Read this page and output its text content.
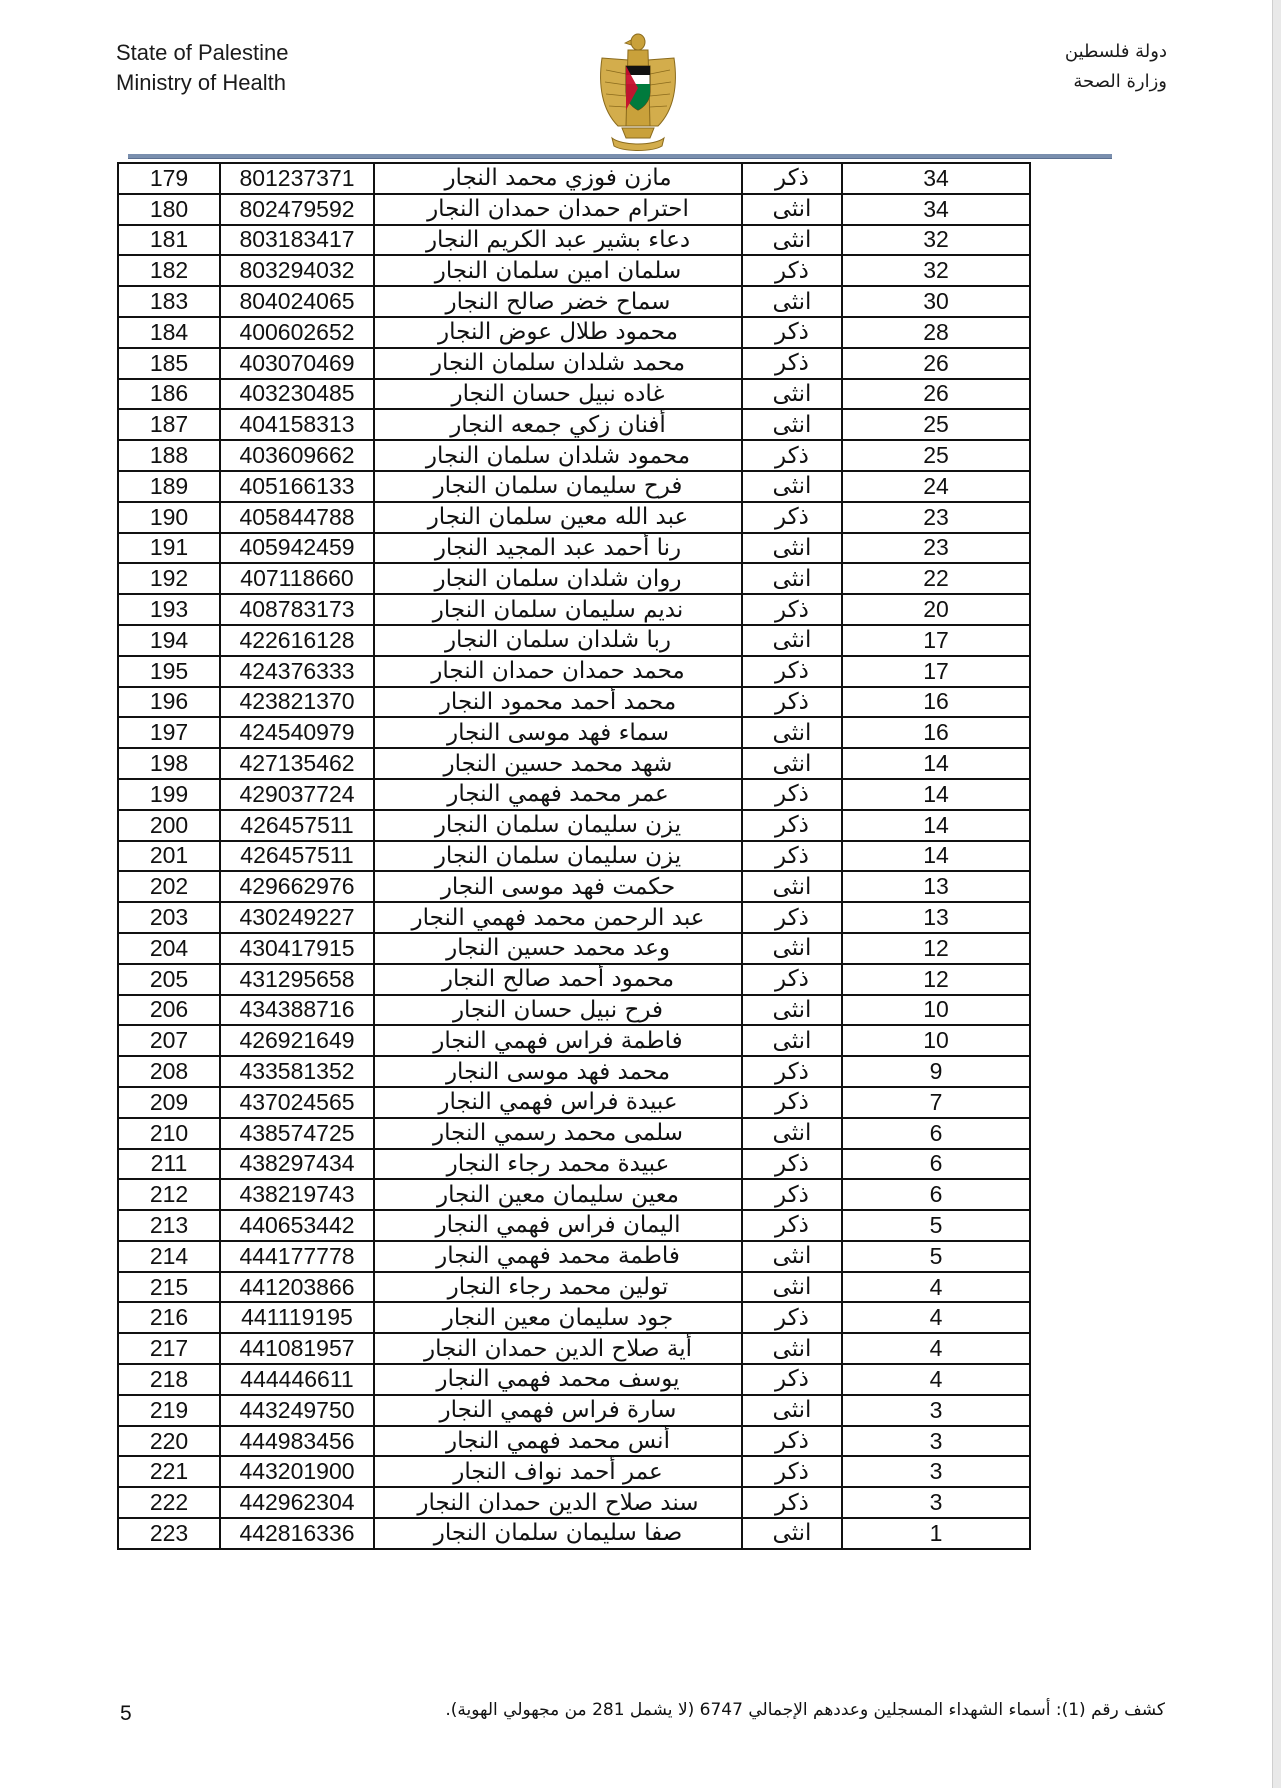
State of Palestine
Ministry of Health
دولة فلسطين
وزارة الصحة
179	801237371	مازن فوزي محمد النجار	ذكر	34
180	802479592	احترام حمدان حمدان النجار	انثى	34
181	803183417	دعاء بشير عبد الكريم النجار	انثى	32
182	803294032	سلمان امين سلمان النجار	ذكر	32
183	804024065	سماح خضر صالح النجار	انثى	30
184	400602652	محمود طلال عوض النجار	ذكر	28
185	403070469	محمد شلدان سلمان النجار	ذكر	26
186	403230485	غاده نبيل حسان النجار	انثى	26
187	404158313	أفنان زكي جمعه النجار	انثى	25
188	403609662	محمود شلدان سلمان النجار	ذكر	25
189	405166133	فرح سليمان سلمان النجار	انثى	24
190	405844788	عبد الله معين سلمان النجار	ذكر	23
191	405942459	رنا أحمد عبد المجيد النجار	انثى	23
192	407118660	روان شلدان سلمان النجار	انثى	22
193	408783173	نديم سليمان سلمان النجار	ذكر	20
194	422616128	ربا شلدان سلمان النجار	انثى	17
195	424376333	محمد حمدان حمدان النجار	ذكر	17
196	423821370	محمد أحمد محمود النجار	ذكر	16
197	424540979	سماء فهد موسى النجار	انثى	16
198	427135462	شهد محمد حسين النجار	انثى	14
199	429037724	عمر محمد فهمي النجار	ذكر	14
200	426457511	يزن سليمان سلمان النجار	ذكر	14
201	426457511	يزن سليمان سلمان النجار	ذكر	14
202	429662976	حكمت فهد موسى النجار	انثى	13
203	430249227	عبد الرحمن محمد فهمي النجار	ذكر	13
204	430417915	وعد محمد حسين النجار	انثى	12
205	431295658	محمود أحمد صالح النجار	ذكر	12
206	434388716	فرح نبيل حسان النجار	انثى	10
207	426921649	فاطمة فراس فهمي النجار	انثى	10
208	433581352	محمد فهد موسى النجار	ذكر	9
209	437024565	عبيدة فراس فهمي النجار	ذكر	7
210	438574725	سلمى محمد رسمي النجار	انثى	6
211	438297434	عبيدة محمد رجاء النجار	ذكر	6
212	438219743	معين سليمان معين النجار	ذكر	6
213	440653442	اليمان فراس فهمي النجار	ذكر	5
214	444177778	فاطمة محمد فهمي النجار	انثى	5
215	441203866	تولين محمد رجاء النجار	انثى	4
216	441119195	جود سليمان معين النجار	ذكر	4
217	441081957	أية صلاح الدين حمدان النجار	انثى	4
218	444446611	يوسف محمد فهمي النجار	ذكر	4
219	443249750	سارة فراس فهمي النجار	انثى	3
220	444983456	أنس محمد فهمي النجار	ذكر	3
221	443201900	عمر أحمد نواف النجار	ذكر	3
222	442962304	سند صلاح الدين حمدان النجار	ذكر	3
223	442816336	صفا سليمان سلمان النجار	انثى	1
5	كشف رقم (1): أسماء الشهداء المسجلين وعددهم الإجمالي 6747 (لا يشمل 281 من مجهولي الهوية).
